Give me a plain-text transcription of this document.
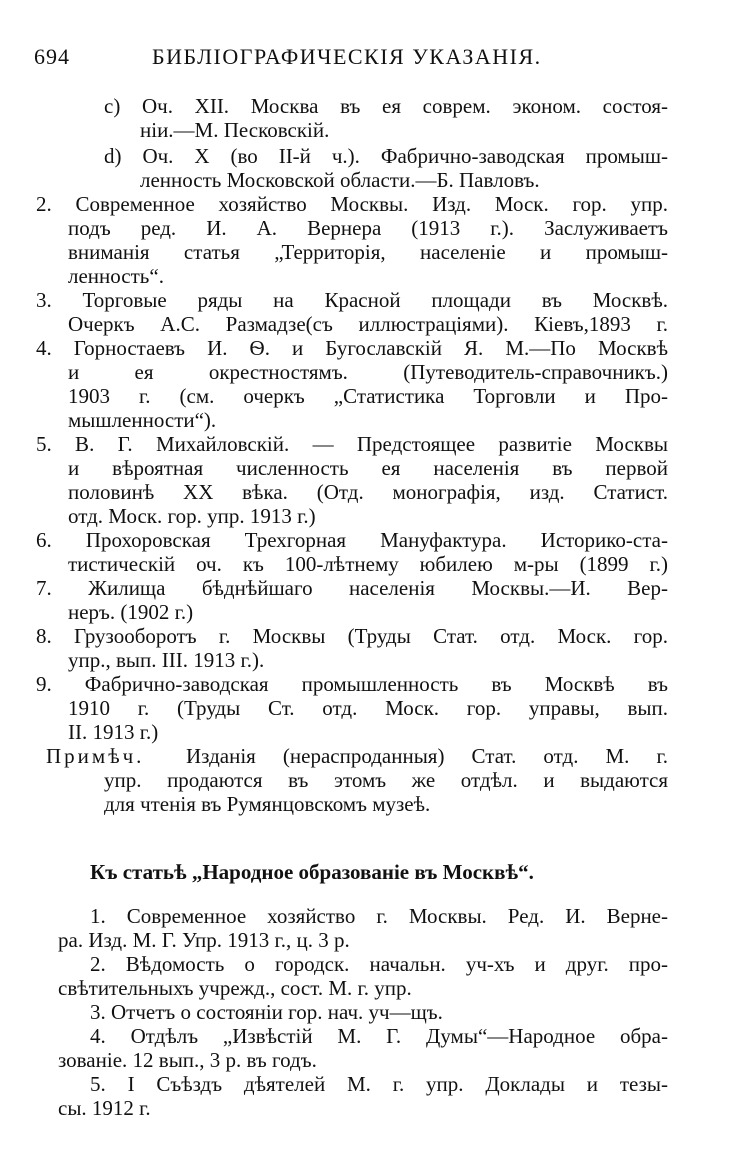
694	БИБЛIОГРАФИЧЕСКIЯ УКАЗАНIЯ.
c) Оч. XII. Москва въ ея соврем. эконом. состоя-
нiи.—М. Песковскiй.
d) Оч. X (во II-й ч.). Фабрично-заводская промыш-
ленность Московской области.—Б. Павловъ.
2. Современное хозяйство Москвы. Изд. Моск. гор. упр.
подъ ред. И. А. Вернера (1913 г.). Заслуживаетъ
вниманiя статья „Территорiя, населенiе и промыш-
ленность“.
3. Торговые ряды на Красной площади въ Москвѣ.
Очеркъ А.С. Размадзе(съ иллюстрацiями). Кiевъ,1893 г.
4. Горностаевъ И. Ѳ. и Бугославскiй Я. М.—По Москвѣ
и ея окрестностямъ. (Путеводитель-справочникъ.)
1903 г. (см. очеркъ „Статистика Торговли и Про-
мышленности“).
5. В. Г. Михайловскiй. — Предстоящее развитiе Москвы
и вѣроятная численность ея населенiя въ первой
половинѣ XX вѣка. (Отд. монографiя, изд. Статист.
отд. Моск. гор. упр. 1913 г.)
6. Прохоровская Трехгорная Мануфактура. Историко-ста-
тистическiй оч. къ 100-лѣтнему юбилею м-ры (1899 г.)
7. Жилища бѣднѣйшаго населенiя Москвы.—И. Вер-
неръ. (1902 г.)
8. Грузооборотъ г. Москвы (Труды Стат. отд. Моск. гор.
упр., вып. III. 1913 г.).
9. Фабрично-заводская промышленность въ Москвѣ въ
1910 г. (Труды Ст. отд. Моск. гор. управы, вып.
II. 1913 г.)
Примѣч. Изданiя (нераспроданныя) Стат. отд. М. г.
упр. продаются въ этомъ же отдѣл. и выдаются
для чтенiя въ Румянцовскомъ музеѣ.
Къ статьѣ „Народное образованiе въ Москвѣ“.
1. Современное хозяйство г. Москвы. Ред. И. Верне-
ра. Изд. М. Г. Упр. 1913 г., ц. 3 р.
2. Вѣдомость о городск. начальн. уч-хъ и друг. про-
свѣтительныхъ учрежд., сост. М. г. упр.
3. Отчетъ о состоянiи гор. нач. уч—щъ.
4. Отдѣлъ „Извѣстiй М. Г. Думы“—Народное обра-
зованiе. 12 вып., 3 р. въ годъ.
5. I Съѣздъ дѣятелей М. г. упр. Доклады и тезы-
сы. 1912 г.
